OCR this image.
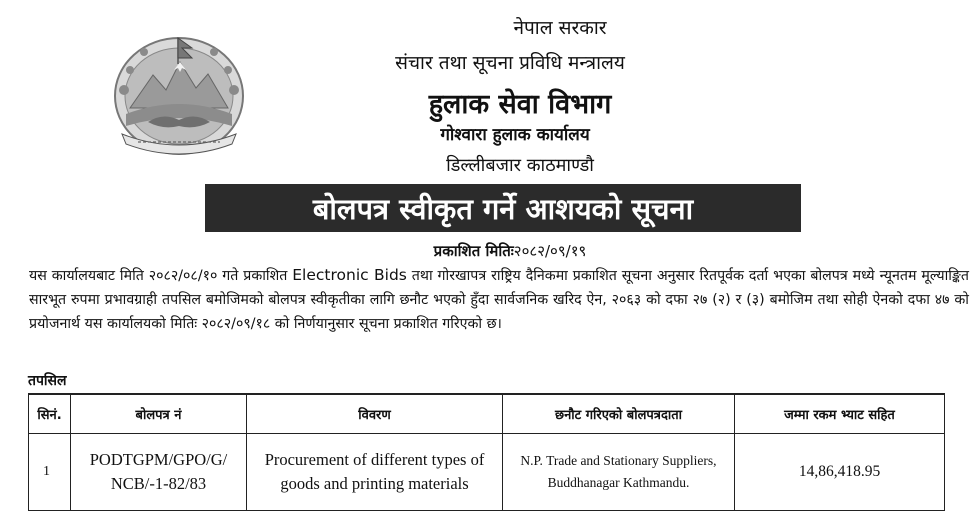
नेपाल सरकार
संचार तथा सूचना प्रविधि मन्त्रालय
हुलाक सेवा विभाग
गोश्वारा हुलाक कार्यालय
डिल्लीबजार काठमाण्डौ
बोलपत्र स्वीकृत गर्ने आशयको सूचना
प्रकाशित मितिः२०८२/०९/१९
यस कार्यालयबाट मिति २०८२/०८/१० गते प्रकाशित Electronic Bids तथा गोरखापत्र राष्ट्रिय दैनिकमा प्रकाशित सूचना अनुसार रितपूर्वक दर्ता भएका बोलपत्र मध्ये न्यूनतम मूल्याङ्कित सारभूत रुपमा प्रभावग्राही तपसिल बमोजिमको बोलपत्र स्वीकृतीका लागि छनौट भएको हुँदा सार्वजनिक खरिद ऐन, २०६३ को दफा २७ (२) र (३) बमोजिम तथा सोही ऐनको दफा ४७ को प्रयोजनार्थ यस कार्यालयको मितिः २०८२/०९/१८ को निर्णयानुसार सूचना प्रकाशित गरिएको छ।
तपसिल
सिनं.	बोलपत्र नं	विवरण	छनौट गरिएको बोलपत्रदाता	जम्मा रकम भ्याट सहित
1	PODTGPM/GPO/G/ NCB/-1-82/83	Procurement of different types of goods and printing materials	N.P. Trade and Stationary Suppliers, Buddhanagar Kathmandu.	14,86,418.95
